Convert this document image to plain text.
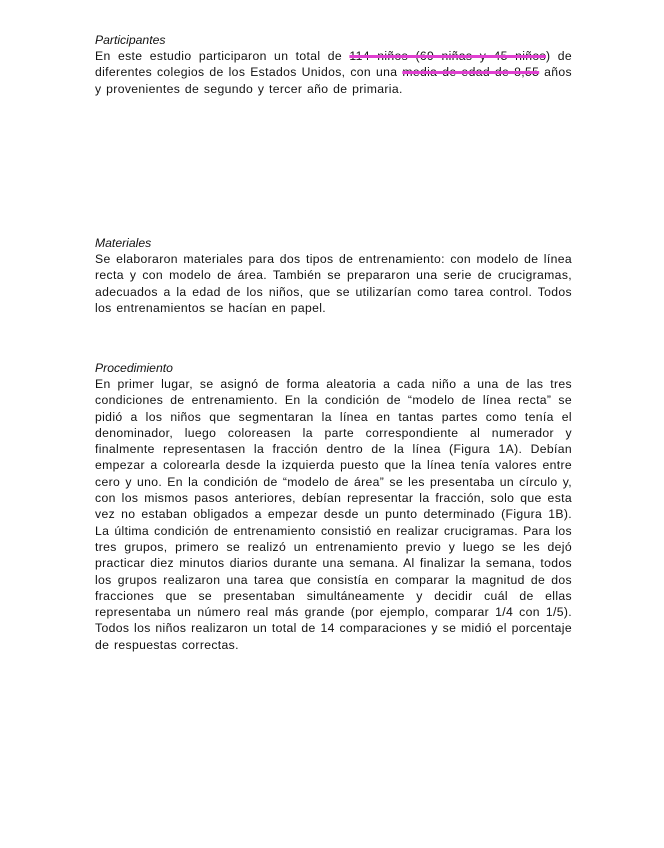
Participantes

En este estudio participaron un total de 114 niños (69 niñas y 45 niños) de diferentes colegios de los Estados Unidos, con una media de edad de 8,55 años y provenientes de segundo y tercer año de primaria.

Materiales

Se elaboraron materiales para dos tipos de entrenamiento: con modelo de línea recta y con modelo de área. También se prepararon una serie de crucigramas, adecuados a la edad de los niños, que se utilizarían como tarea control. Todos los entrenamientos se hacían en papel.

Procedimiento

En primer lugar, se asignó de forma aleatoria a cada niño a una de las tres condiciones de entrenamiento. En la condición de “modelo de línea recta” se pidió a los niños que segmentaran la línea en tantas partes como tenía el denominador, luego coloreasen la parte correspondiente al numerador y finalmente representasen la fracción dentro de la línea (Figura 1A). Debían empezar a colorearla desde la izquierda puesto que la línea tenía valores entre cero y uno. En la condición de “modelo de área” se les presentaba un círculo y, con los mismos pasos anteriores, debían representar la fracción, solo que esta vez no estaban obligados a empezar desde un punto determinado (Figura 1B). La última condición de entrenamiento consistió en realizar crucigramas. Para los tres grupos, primero se realizó un entrenamiento previo y luego se les dejó practicar diez minutos diarios durante una semana. Al finalizar la semana, todos los grupos realizaron una tarea que consistía en comparar la magnitud de dos fracciones que se presentaban simultáneamente y decidir cuál de ellas representaba un número real más grande (por ejemplo, comparar 1/4 con 1/5). Todos los niños realizaron un total de 14 comparaciones y se midió el porcentaje de respuestas correctas.
